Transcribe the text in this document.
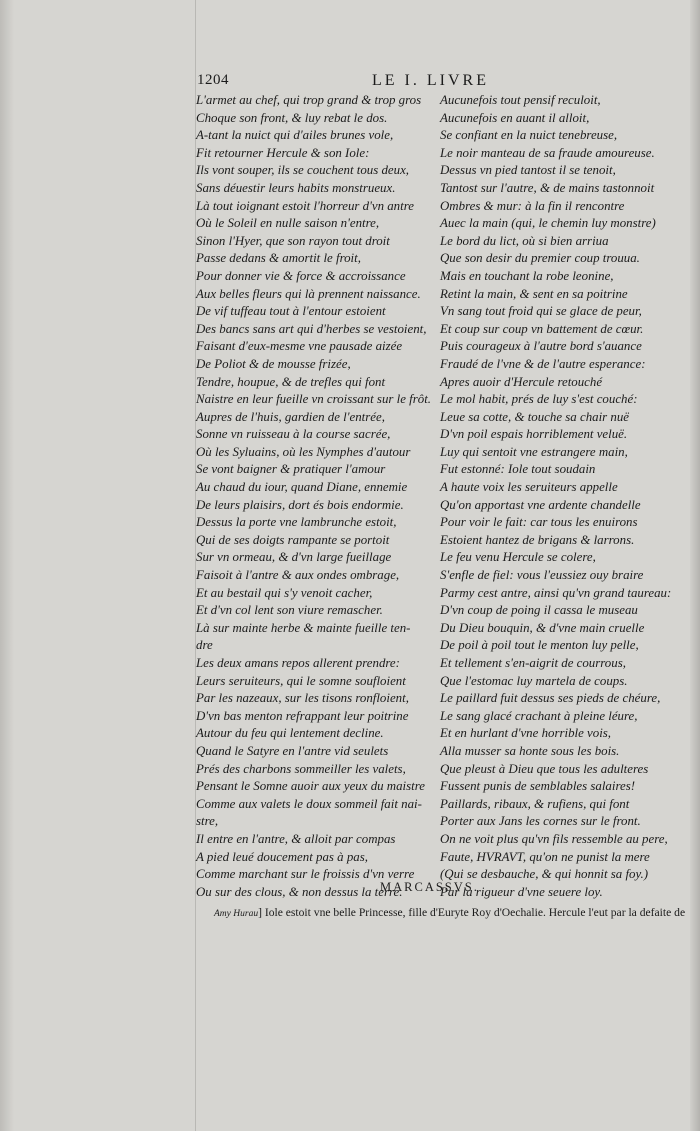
1204	LE I. LIVRE
L'armet au chef, qui trop grand & trop gros
Choque son front, & luy rebat le dos.
A-tant la nuict qui d'ailes brunes vole,
Fit retourner Hercule & son Iole:
Ils vont souper, ils se couchent tous deux,
Sans déuestir leurs habits monstrueux.
Là tout ioignant estoit l'horreur d'vn antre
Où le Soleil en nulle saison n'entre,
Sinon l'Hyer, que son rayon tout droit
Passe dedans & amortit le froit,
Pour donner vie & force & accroissance
Aux belles fleurs qui là prennent naissance.
De vif tuffeau tout à l'entour estoient
Des bancs sans art qui d'herbes se vestoient,
Faisant d'eux-mesme vne pausade aizée
De Poliot & de mousse frizée,
Tendre, houpue, & de trefles qui font
Naistre en leur fueille vn croissant sur le frôt.
Aupres de l'huis, gardien de l'entrée,
Sonne vn ruisseau à la course sacrée,
Où les Syluains, où les Nymphes d'autour
Se vont baigner & pratiquer l'amour
Au chaud du iour, quand Diane, ennemie
De leurs plaisirs, dort és bois endormie.
Dessus la porte vne lambrunche estoit,
Qui de ses doigts rampante se portoit
Sur vn ormeau, & d'vn large fueillage
Faisoit à l'antre & aux ondes ombrage,
Et au bestail qui s'y venoit cacher,
Et d'vn col lent son viure remascher.
Là sur mainte herbe & mainte fueille ten-
dre
Les deux amans repos allerent prendre:
Leurs seruiteurs, qui le somne soufloient
Par les nazeaux, sur les tisons ronfloient,
D'vn bas menton refrappant leur poitrine
Autour du feu qui lentement decline.
Quand le Satyre en l'antre vid seulets
Prés des charbons sommeiller les valets,
Pensant le Somne auoir aux yeux du maistre
Comme aux valets le doux sommeil fait nai-
stre,
Il entre en l'antre, & alloit par compas
A pied leué doucement pas à pas,
Comme marchant sur le froissis d'vn verre
Ou sur des clous, & non dessus la terre.
Aucunefois tout pensif reculoit,
Aucunefois en auant il alloit,
Se confiant en la nuict tenebreuse,
Le noir manteau de sa fraude amoureuse.
Dessus vn pied tantost il se tenoit,
Tantost sur l'autre, & de mains tastonnoit
Ombres & mur: à la fin il rencontre
Auec la main (qui, le chemin luy monstre)
Le bord du lict, où si bien arriua
Que son desir du premier coup trouua.
Mais en touchant la robe leonine,
Retint la main, & sent en sa poitrine
Vn sang tout froid qui se glace de peur,
Et coup sur coup vn battement de cœur.
Puis courageux à l'autre bord s'auance
Fraudé de l'vne & de l'autre esperance:
Apres auoir d'Hercule retouché
Le mol habit, prés de luy s'est couché:
Leue sa cotte, & touche sa chair nuë
D'vn poil espais horriblement veluë.
Luy qui sentoit vne estrangere main,
Fut estonné: Iole tout soudain
A haute voix les seruiteurs appelle
Qu'on apportast vne ardente chandelle
Pour voir le fait: car tous les enuirons
Estoient hantez de brigans & larrons.
Le feu venu Hercule se colere,
S'enfle de fiel: vous l'eussiez ouy braire
Parmy cest antre, ainsi qu'vn grand taureau:
D'vn coup de poing il cassa le museau
Du Dieu bouquin, & d'vne main cruelle
De poil à poil tout le menton luy pelle,
Et tellement s'en-aigrit de courrous,
Que l'estomac luy martela de coups.
Le paillard fuit dessus ses pieds de chéure,
Le sang glacé crachant à pleine léure,
Et en hurlant d'vne horrible vois,
Alla musser sa honte sous les bois.
Que pleust à Dieu que tous les adulteres
Fussent punis de semblables salaires!
Paillards, ribaux, & rufiens, qui font
Porter aux Jans les cornes sur le front.
On ne voit plus qu'vn fils ressemble au pere,
Faute, HVRAVT, qu'on ne punist la mere
(Qui se desbauche, & qui honnit sa foy.)
Par la rigueur d'vne seuere loy.
MARCASSVS.
Amy Hurau] Iole estoit vne belle Princesse, fille d'Euryte Roy d'Oechalie. Hercule l'eut par la defaite de
